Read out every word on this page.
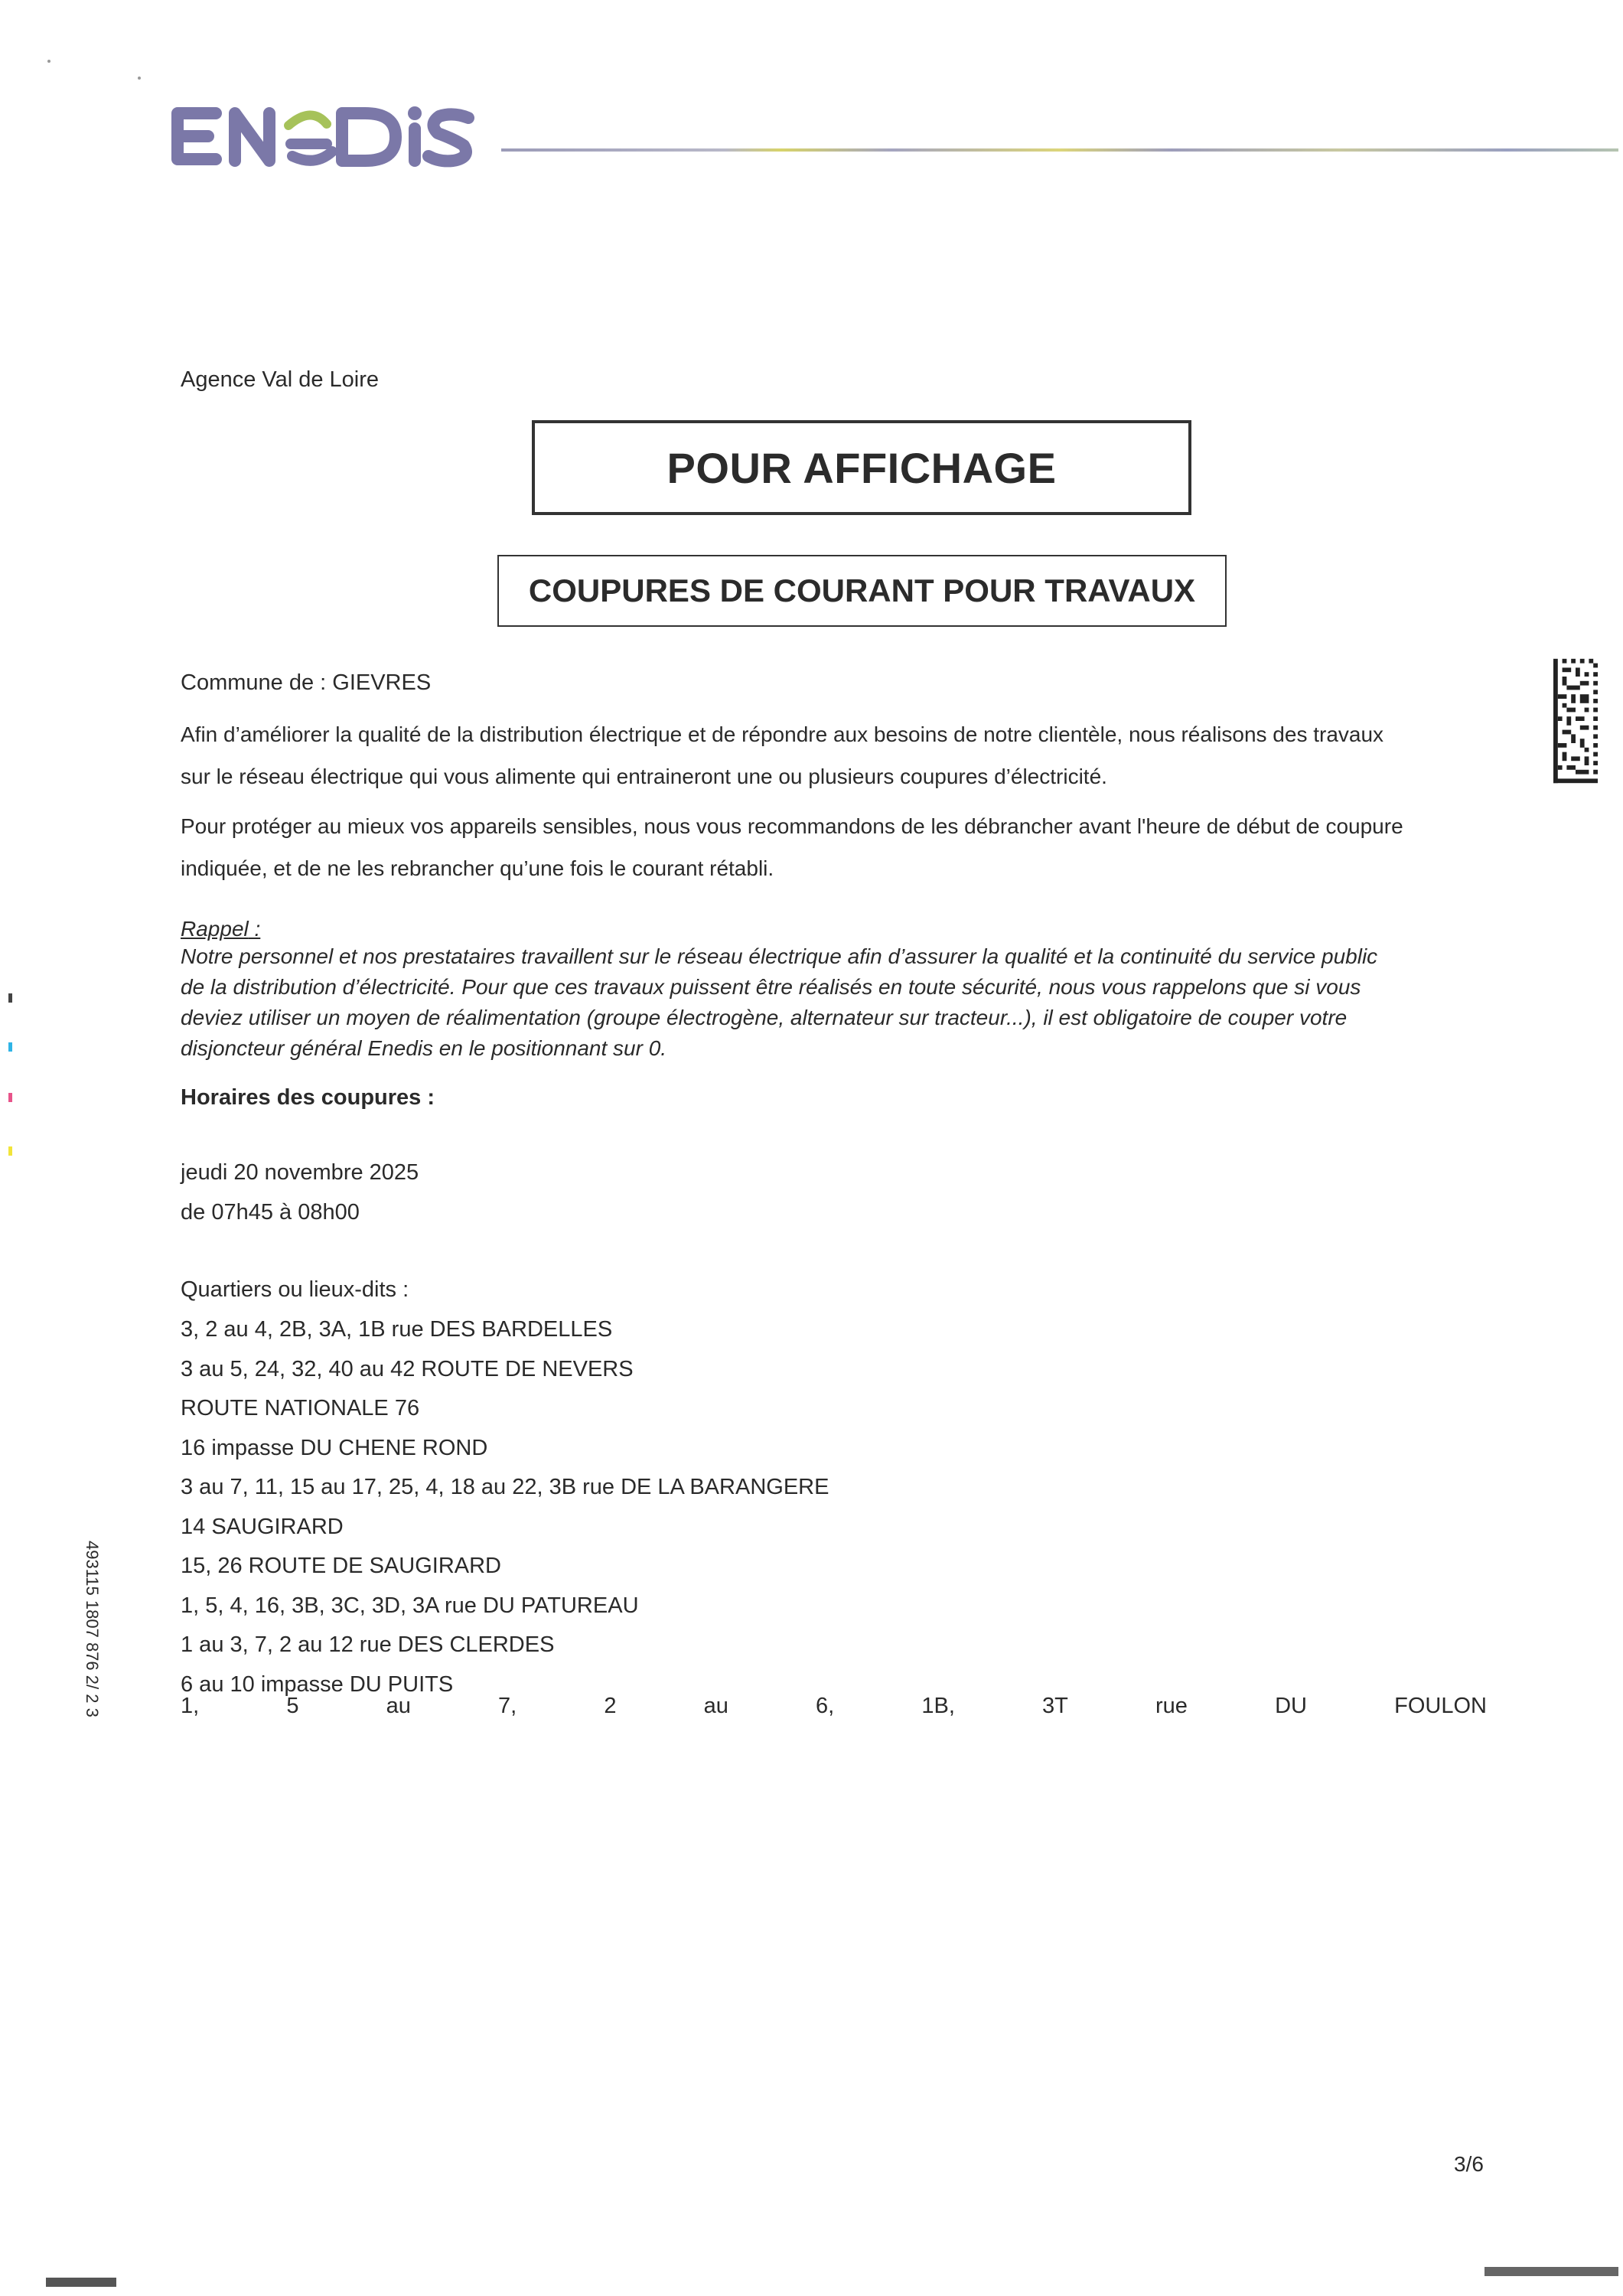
Agence Val de Loire
POUR AFFICHAGE
COUPURES DE COURANT POUR TRAVAUX
Commune de : GIEVRES
Afin d’améliorer la qualité de la distribution électrique et de répondre aux besoins de notre clientèle, nous réalisons des travaux
sur le réseau électrique qui vous alimente qui entraineront une ou plusieurs coupures d’électricité.
Pour protéger au mieux vos appareils sensibles, nous vous recommandons de les débrancher avant l'heure de début de coupure
indiquée, et de ne les rebrancher qu’une fois le courant rétabli.
Rappel :
Notre personnel et nos prestataires travaillent sur le réseau électrique afin d’assurer la qualité et la continuité du service public
de la distribution d’électricité. Pour que ces travaux puissent être réalisés en toute sécurité, nous vous rappelons que si vous
deviez utiliser un moyen de réalimentation (groupe électrogène, alternateur sur tracteur...), il est obligatoire de couper votre
disjoncteur général Enedis en le positionnant sur 0.
Horaires des coupures :
jeudi 20 novembre 2025
de 07h45 à 08h00
Quartiers ou lieux-dits :
3, 2 au 4, 2B, 3A, 1B rue DES BARDELLES
3 au 5, 24, 32, 40 au 42 ROUTE DE NEVERS
ROUTE NATIONALE 76
16 impasse DU CHENE ROND
3 au 7, 11, 15 au 17, 25, 4, 18 au 22, 3B rue DE LA BARANGERE
14 SAUGIRARD
15, 26 ROUTE DE SAUGIRARD
1, 5, 4, 16, 3B, 3C, 3D, 3A rue DU PATUREAU
1 au 3, 7, 2 au 12 rue DES CLERDES
6 au 10 impasse DU PUITS
1,	5	au	7,	2	au	6,	1B,	3T	rue	DU	FOULON
493115 1807 876 2/ 2 3
3/6
